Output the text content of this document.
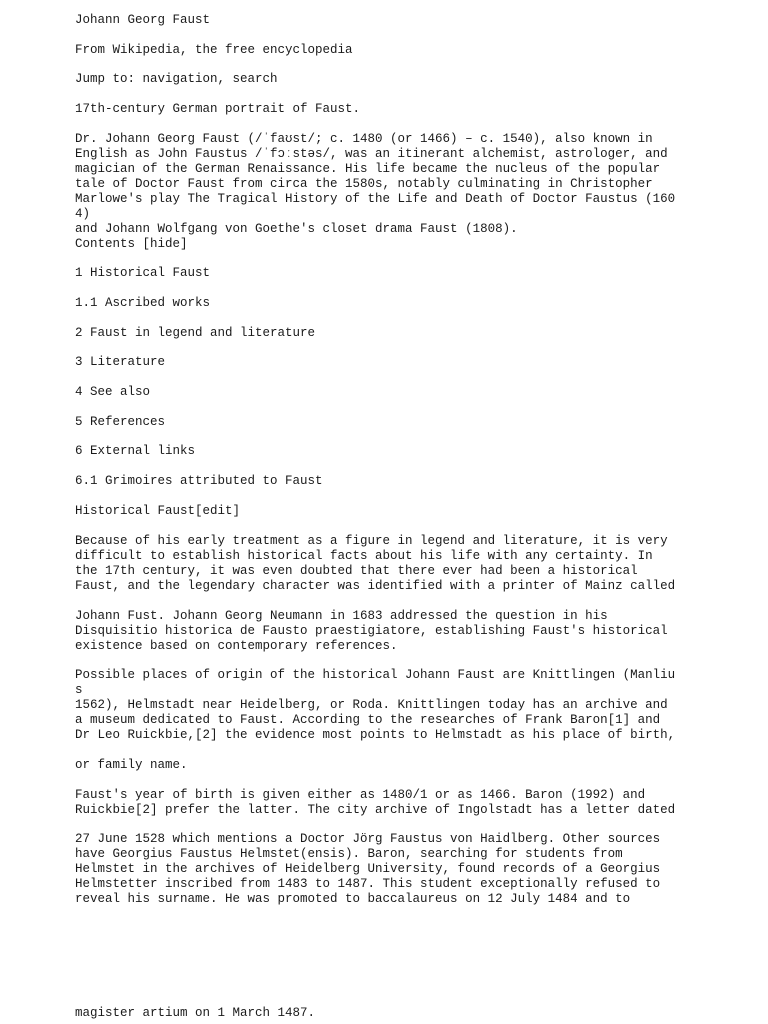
Johann Georg Faust
From Wikipedia, the free encyclopedia
Jump to: navigation, search
17th-century German portrait of Faust.
Dr. Johann Georg Faust (/ˈfaʊst/; c. 1480 (or 1466) – c. 1540), also known in
English as John Faustus /ˈfɔːstəs/, was an itinerant alchemist, astrologer, and
magician of the German Renaissance. His life became the nucleus of the popular
tale of Doctor Faust from circa the 1580s, notably culminating in Christopher
Marlowe's play The Tragical History of the Life and Death of Doctor Faustus (160
4)
and Johann Wolfgang von Goethe's closet drama Faust (1808).
Contents [hide]
1 Historical Faust
1.1 Ascribed works
2 Faust in legend and literature
3 Literature
4 See also
5 References
6 External links
6.1 Grimoires attributed to Faust
Historical Faust[edit]
Because of his early treatment as a figure in legend and literature, it is very
difficult to establish historical facts about his life with any certainty. In
the 17th century, it was even doubted that there ever had been a historical
Faust, and the legendary character was identified with a printer of Mainz called
Johann Fust. Johann Georg Neumann in 1683 addressed the question in his
Disquisitio historica de Fausto praestigiatore, establishing Faust's historical
existence based on contemporary references.
Possible places of origin of the historical Johann Faust are Knittlingen (Manliu
s
1562), Helmstadt near Heidelberg, or Roda. Knittlingen today has an archive and
a museum dedicated to Faust. According to the researches of Frank Baron[1] and
Dr Leo Ruickbie,[2] the evidence most points to Helmstadt as his place of birth,
or family name.
Faust's year of birth is given either as 1480/1 or as 1466. Baron (1992) and
Ruickbie[2] prefer the latter. The city archive of Ingolstadt has a letter dated
27 June 1528 which mentions a Doctor Jörg Faustus von Haidlberg. Other sources
have Georgius Faustus Helmstet(ensis). Baron, searching for students from
Helmstet in the archives of Heidelberg University, found records of a Georgius
Helmstetter inscribed from 1483 to 1487. This student exceptionally refused to
reveal his surname. He was promoted to baccalaureus on 12 July 1484 and to
magister artium on 1 March 1487.
